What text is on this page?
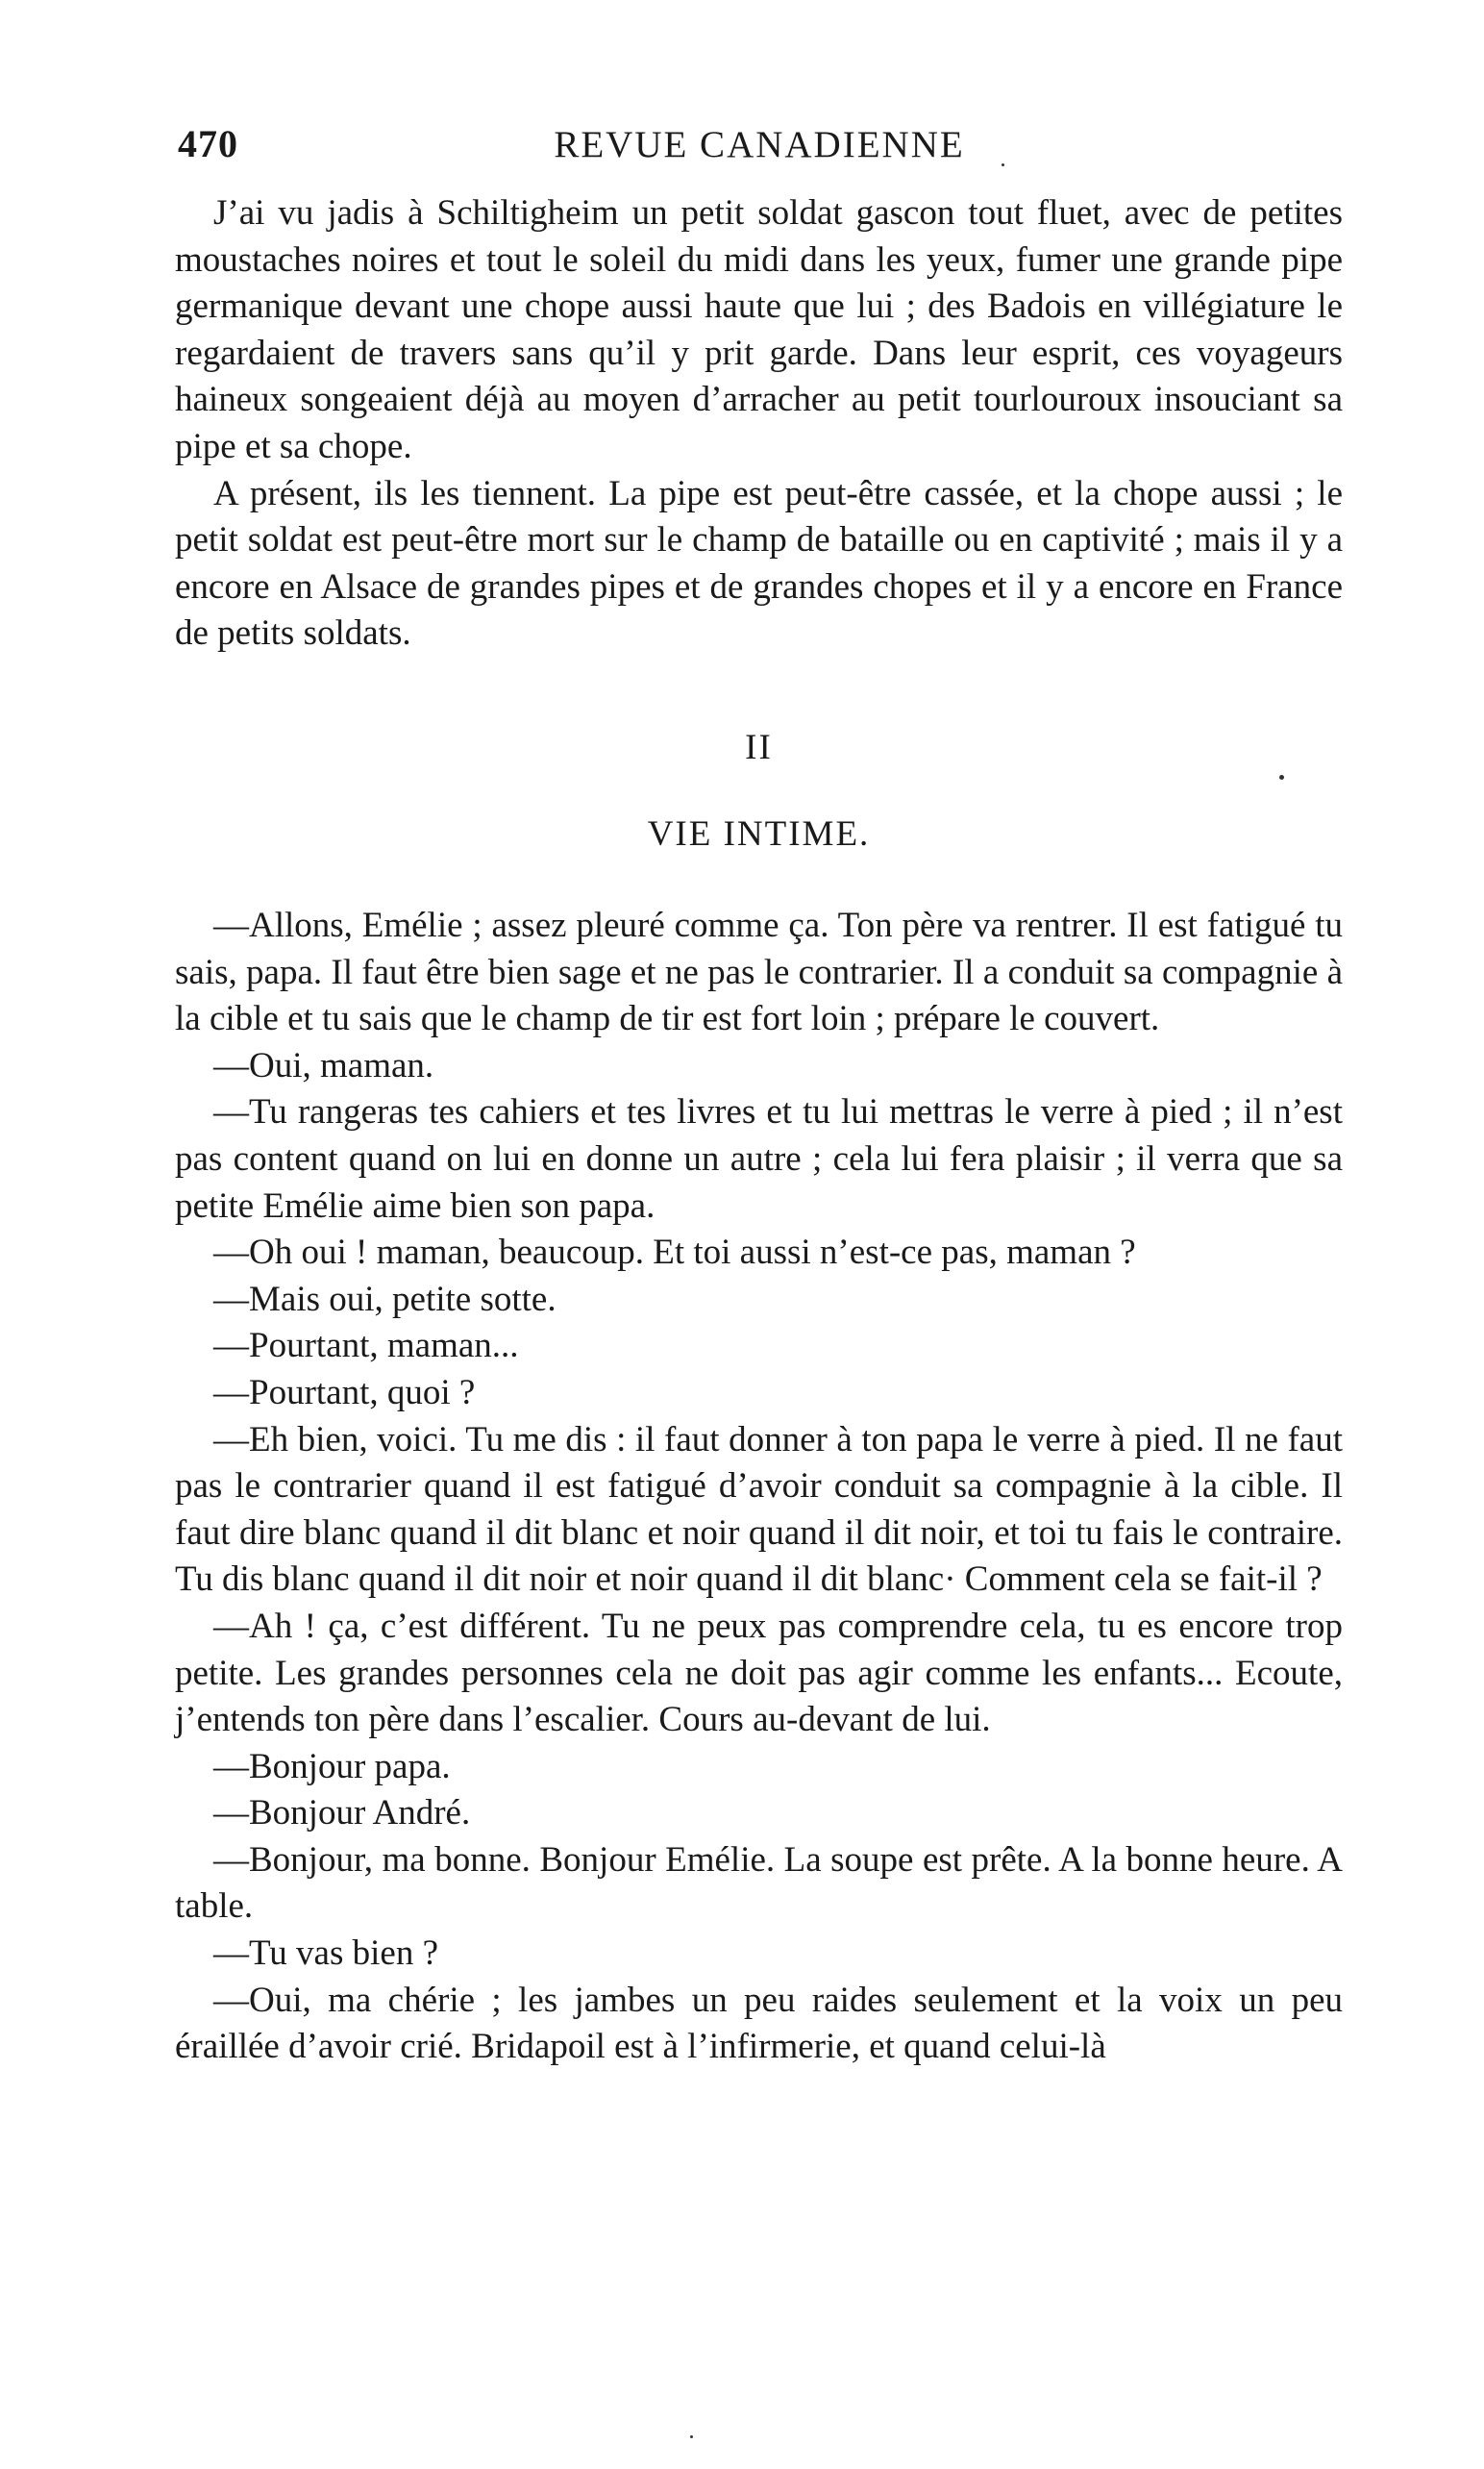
470	REVUE CANADIENNE

J’ai vu jadis à Schiltigheim un petit soldat gascon tout fluet, avec de petites moustaches noires et tout le soleil du midi dans les yeux, fumer une grande pipe germanique devant une chope aussi haute que lui ; des Badois en villégiature le regardaient de travers sans qu’il y prit garde. Dans leur esprit, ces voyageurs haineux songeaient déjà au moyen d’arracher au petit tourlouroux insouciant sa pipe et sa chope.

A présent, ils les tiennent. La pipe est peut-être cassée, et la chope aussi ; le petit soldat est peut-être mort sur le champ de bataille ou en captivité ; mais il y a encore en Alsace de grandes pipes et de grandes chopes et il y a encore en France de petits soldats.

II
VIE INTIME.

—Allons, Emélie ; assez pleuré comme ça. Ton père va rentrer. Il est fatigué tu sais, papa. Il faut être bien sage et ne pas le contrarier. Il a conduit sa compagnie à la cible et tu sais que le champ de tir est fort loin ; prépare le couvert.

—Oui, maman.

—Tu rangeras tes cahiers et tes livres et tu lui mettras le verre à pied ; il n’est pas content quand on lui en donne un autre ; cela lui fera plaisir ; il verra que sa petite Emélie aime bien son papa.

—Oh oui ! maman, beaucoup. Et toi aussi n’est-ce pas, maman ?

—Mais oui, petite sotte.

—Pourtant, maman...

—Pourtant, quoi ?

—Eh bien, voici. Tu me dis : il faut donner à ton papa le verre à pied. Il ne faut pas le contrarier quand il est fatigué d’avoir conduit sa compagnie à la cible. Il faut dire blanc quand il dit blanc et noir quand il dit noir, et toi tu fais le contraire. Tu dis blanc quand il dit noir et noir quand il dit blanc· Comment cela se fait-il ?

—Ah ! ça, c’est différent. Tu ne peux pas comprendre cela, tu es encore trop petite. Les grandes personnes cela ne doit pas agir comme les enfants... Ecoute, j’entends ton père dans l’escalier. Cours au-devant de lui.

—Bonjour papa.

—Bonjour André.

—Bonjour, ma bonne. Bonjour Emélie. La soupe est prête. A la bonne heure. A table.

—Tu vas bien ?

—Oui, ma chérie ; les jambes un peu raides seulement et la voix un peu éraillée d’avoir crié. Bridapoil est à l’infirmerie, et quand celui-là
